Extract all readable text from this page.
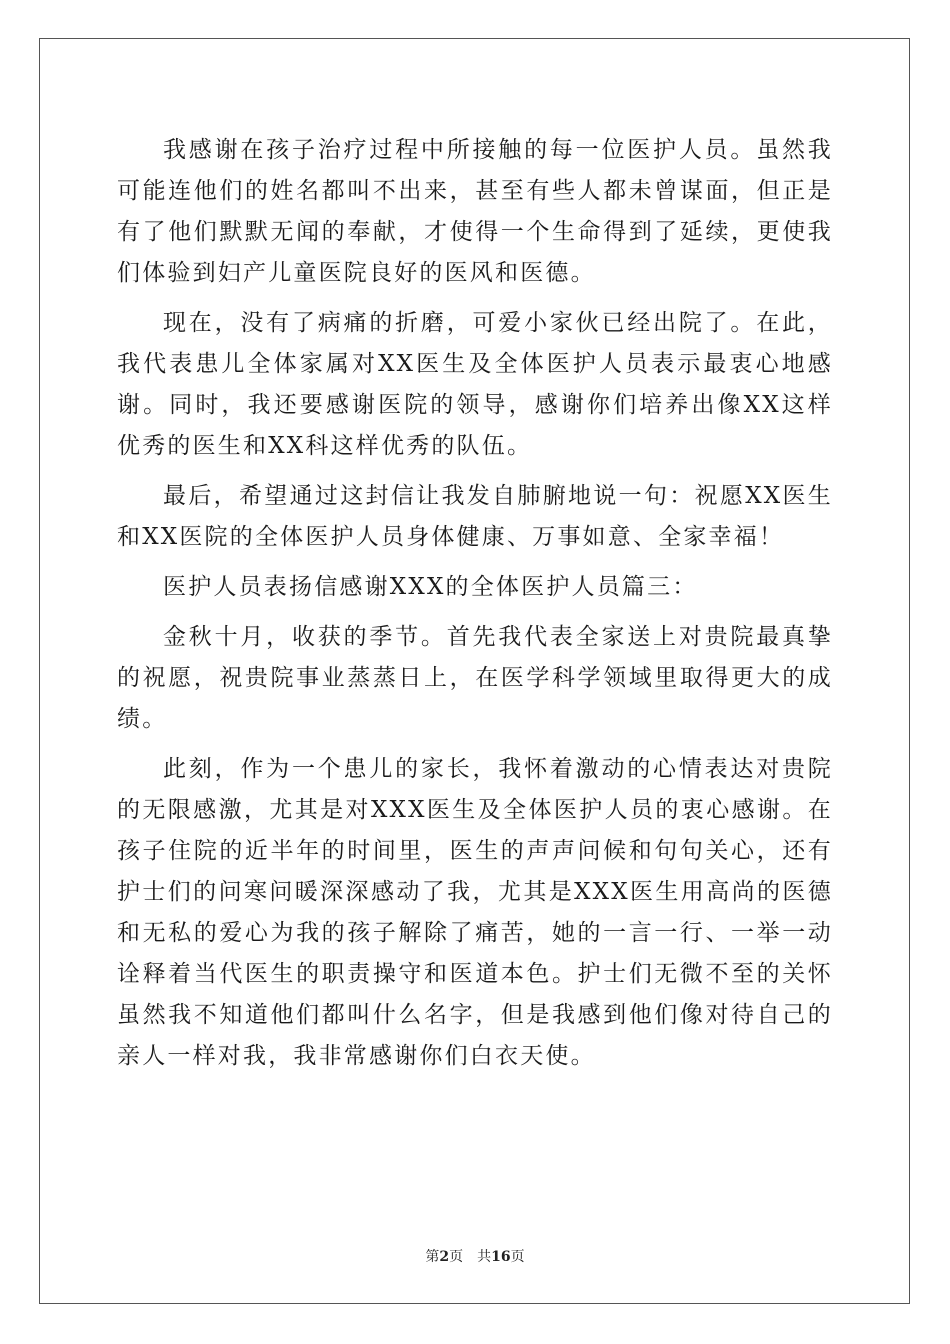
我感谢在孩子治疗过程中所接触的每一位医护人员。虽然我可能连他们的姓名都叫不出来，甚至有些人都未曾谋面，但正是有了他们默默无闻的奉献，才使得一个生命得到了延续，更使我们体验到妇产儿童医院良好的医风和医德。

现在，没有了病痛的折磨，可爱小家伙已经出院了。在此，我代表患儿全体家属对XX医生及全体医护人员表示最衷心地感谢。同时，我还要感谢医院的领导，感谢你们培养出像XX这样优秀的医生和XX科这样优秀的队伍。

最后，希望通过这封信让我发自肺腑地说一句：祝愿XX医生和XX医院的全体医护人员身体健康、万事如意、全家幸福！

医护人员表扬信感谢XXX的全体医护人员篇三：

金秋十月，收获的季节。首先我代表全家送上对贵院最真挚的祝愿，祝贵院事业蒸蒸日上，在医学科学领域里取得更大的成绩。

此刻，作为一个患儿的家长，我怀着激动的心情表达对贵院的无限感激，尤其是对XXX医生及全体医护人员的衷心感谢。在孩子住院的近半年的时间里，医生的声声问候和句句关心，还有护士们的问寒问暖深深感动了我，尤其是XXX医生用高尚的医德和无私的爱心为我的孩子解除了痛苦，她的一言一行、一举一动诠释着当代医生的职责操守和医道本色。护士们无微不至的关怀虽然我不知道他们都叫什么名字，但是我感到他们像对待自己的亲人一样对我，我非常感谢你们白衣天使。

第2页 共16页
